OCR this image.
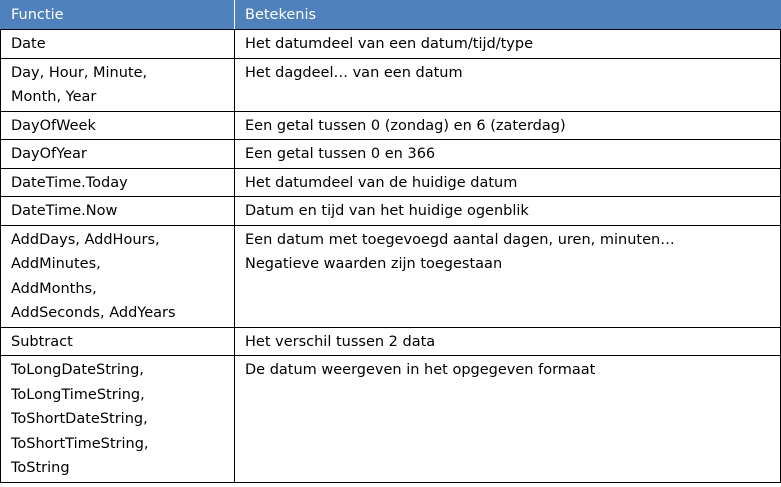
Functie	Betekenis

Date	Het datumdeel van een datum/tijd/type

Day, Hour, Minute,
Month, Year	Het dagdeel… van een datum

DayOfWeek	Een getal tussen 0 (zondag) en 6 (zaterdag)

DayOfYear	Een getal tussen 0 en 366

DateTime.Today	Het datumdeel van de huidige datum

DateTime.Now	Datum en tijd van het huidige ogenblik

AddDays, AddHours,
AddMinutes,
AddMonths,
AddSeconds, AddYears	Een datum met toegevoegd aantal dagen, uren, minuten…
Negatieve waarden zijn toegestaan

Subtract	Het verschil tussen 2 data

ToLongDateString,
ToLongTimeString,
ToShortDateString,
ToShortTimeString,
ToString	De datum weergeven in het opgegeven formaat
